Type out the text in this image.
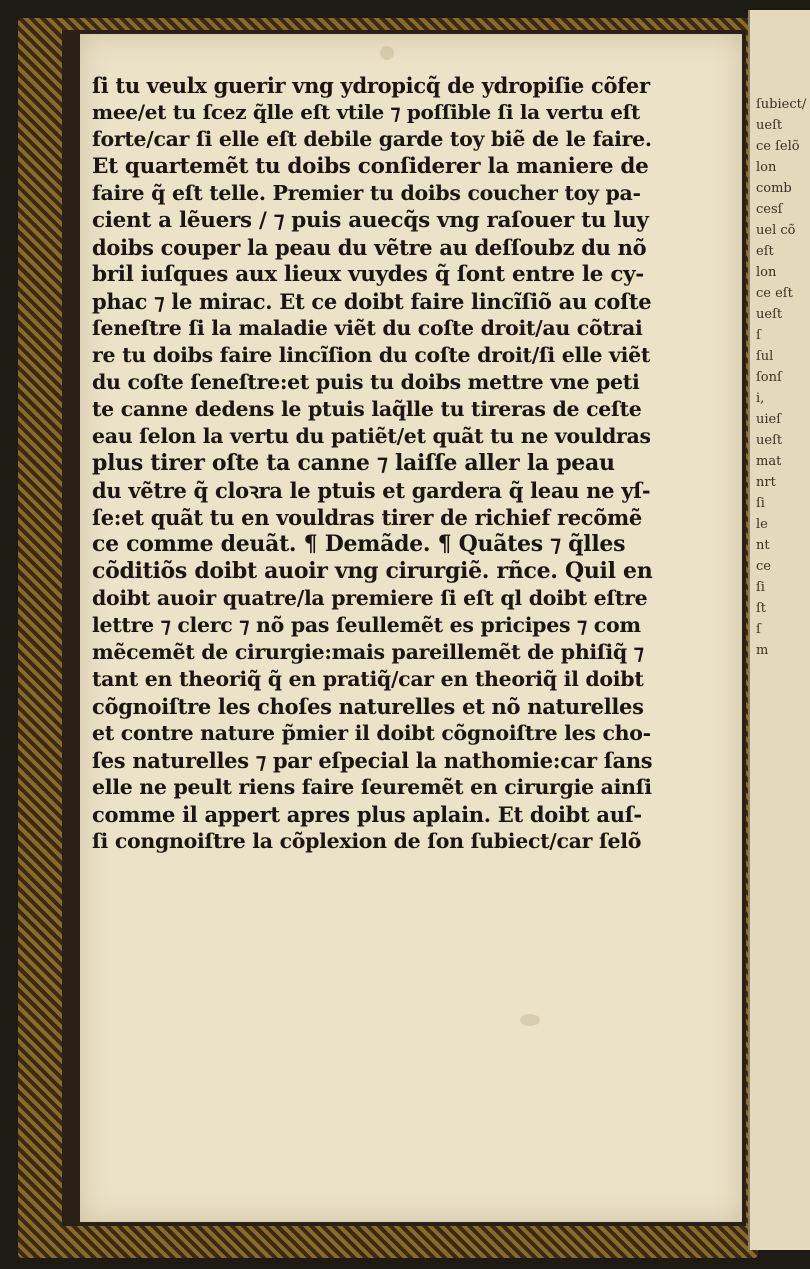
ſubiect/
ueſt
ce ſelõ
lon
comb
cesſ
uel cõ
eſt
lon
ce eſt
ueſt
ſ
ſul
ſonſ
i,
uieſ
ueſt
mat
nrt
ſi
le
nt
ce
ſi
ſt
ſ
m
ſi tu veulx guerir vng ydropicq̃ de ydropiſie cõfer
mee/et tu ſcez q̃lle eſt vtile ⁊ poſſible ſi la vertu eſt
forte/car ſi elle eſt debile garde toy biẽ de le faire.
Et quartemẽt tu doibs conſiderer la maniere de
faire q̃ eſt telle. Premier tu doibs coucher toy pa-
cient a lẽuers / ⁊ puis auecq̃s vng raſouer tu luy
doibs couper la peau du vẽtre au deſſoubz du nõ
bril iuſques aux lieux vuydes q̃ ſont entre le cy-
phac ⁊ le mirac. Et ce doibt faire lincĩſiõ au coſte
ſeneſtre ſi la maladie viẽt du coſte droit/au cõtrai
re tu doibs faire lincĩſion du coſte droit/ſi elle viẽt
du coſte ſeneſtre:et puis tu doibs mettre vne peti
te canne dedens le ptuis laq̃lle tu tireras de ceſte
eau ſelon la vertu du patiẽt/et quãt tu ne vouldras
plus tirer oſte ta canne ⁊ laiſſe aller la peau
du vẽtre q̃ cloꝛra le ptuis et gardera q̃ leau ne yſ-
ſe:et quãt tu en vouldras tirer de richief recõmẽ
ce comme deuãt. ¶ Demãde. ¶ Quãtes ⁊ q̃lles
cõditiõs doibt auoir vng cirurgiẽ. rñce. Quil en
doibt auoir quatre/la premiere ſi eſt ql doibt eſtre
lettre ⁊ clerc ⁊ nõ pas ſeullemẽt es pricipes ⁊ com
mẽcemẽt de cirurgie:mais pareillemẽt de phiſiq̃ ⁊
tant en theoriq̃ q̃ en pratiq̃/car en theoriq̃ il doibt
cõgnoiſtre les choſes naturelles et nõ naturelles
et contre nature p̃mier il doibt cõgnoiſtre les cho-
ſes naturelles ⁊ par eſpecial la nathomie:car ſans
elle ne peult riens faire ſeuremẽt en cirurgie ainſi
comme il appert apres plus aplain. Et doibt auſ-
ſi congnoiſtre la cõplexion de ſon ſubiect/car ſelõ
